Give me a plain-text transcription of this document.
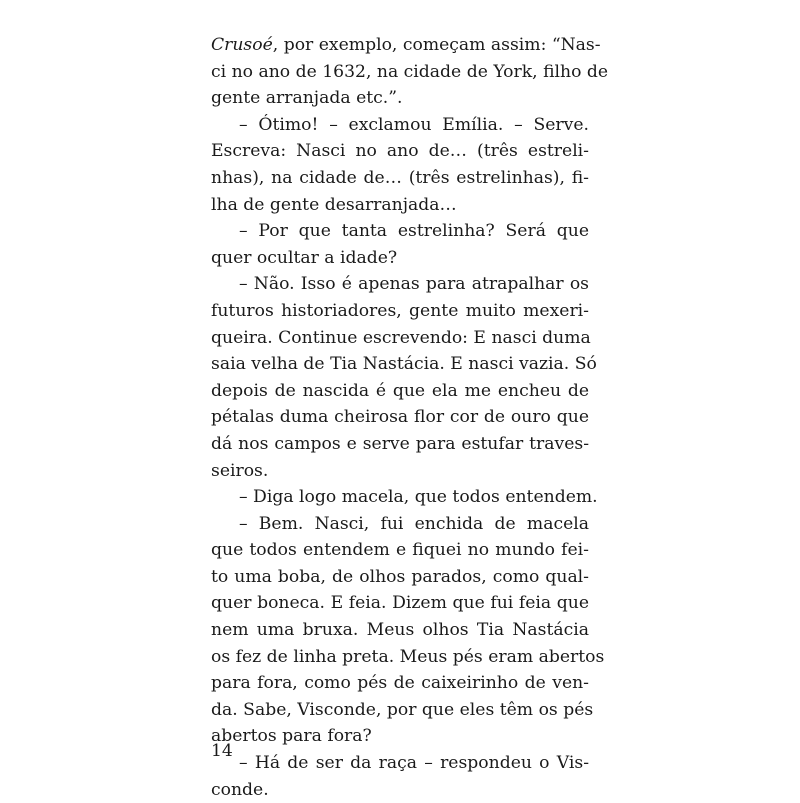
Crusoé, por exemplo, começam assim: “Nas-
ci no ano de 1632, na cidade de York, filho de
gente arranjada etc.”.
– Ótimo! – exclamou Emília. – Serve.
Escreva: Nasci no ano de… (três estreli-
nhas), na cidade de… (três estrelinhas), fi-
lha de gente desarranjada…
– Por que tanta estrelinha? Será que
quer ocultar a idade?
– Não. Isso é apenas para atrapalhar os
futuros historiadores, gente muito mexeri-
queira. Continue escrevendo: E nasci duma
saia velha de Tia Nastácia. E nasci vazia. Só
depois de nascida é que ela me encheu de
pétalas duma cheirosa flor cor de ouro que
dá nos campos e serve para estufar traves-
seiros.
– Diga logo macela, que todos entendem.
– Bem. Nasci, fui enchida de macela
que todos entendem e fiquei no mundo fei-
to uma boba, de olhos parados, como qual-
quer boneca. E feia. Dizem que fui feia que
nem uma bruxa. Meus olhos Tia Nastácia
os fez de linha preta. Meus pés eram abertos
para fora, como pés de caixeirinho de ven-
da. Sabe, Visconde, por que eles têm os pés
abertos para fora?
– Há de ser da raça – respondeu o Vis-
conde.
14
